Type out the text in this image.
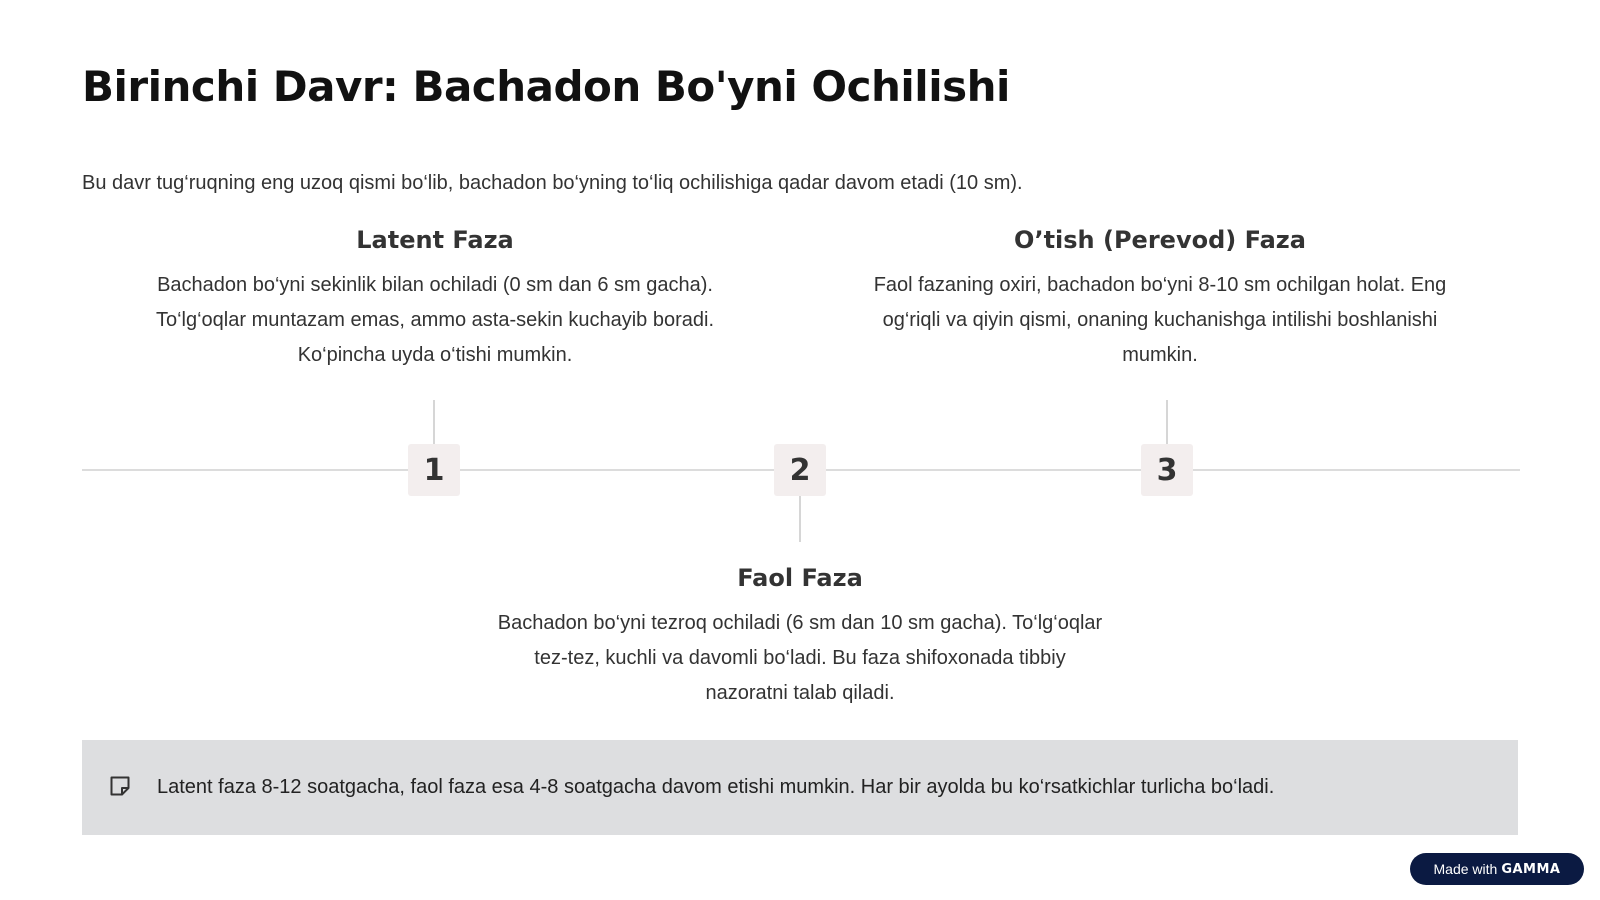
Birinchi Davr: Bachadon Bo'yni Ochilishi

Bu davr tug‘ruqning eng uzoq qismi bo‘lib, bachadon bo‘yning to‘liq ochilishiga qadar davom etadi (10 sm).

Latent Faza

Bachadon bo‘yni sekinlik bilan ochiladi (0 sm dan 6 sm gacha).
To‘lg‘oqlar muntazam emas, ammo asta-sekin kuchayib boradi.
Ko‘pincha uyda o‘tishi mumkin.

O’tish (Perevod) Faza

Faol fazaning oxiri, bachadon bo‘yni 8-10 sm ochilgan holat. Eng
og‘riqli va qiyin qismi, onaning kuchanishga intilishi boshlanishi
mumkin.

1	2	3
Faol Faza

Bachadon bo‘yni tezroq ochiladi (6 sm dan 10 sm gacha). To‘lg‘oqlar
tez-tez, kuchli va davomli bo‘ladi. Bu faza shifoxonada tibbiy
nazoratni talab qiladi.

Latent faza 8-12 soatgacha, faol faza esa 4-8 soatgacha davom etishi mumkin. Har bir ayolda bu ko‘rsatkichlar turlicha bo‘ladi.
Made with GAMMA
